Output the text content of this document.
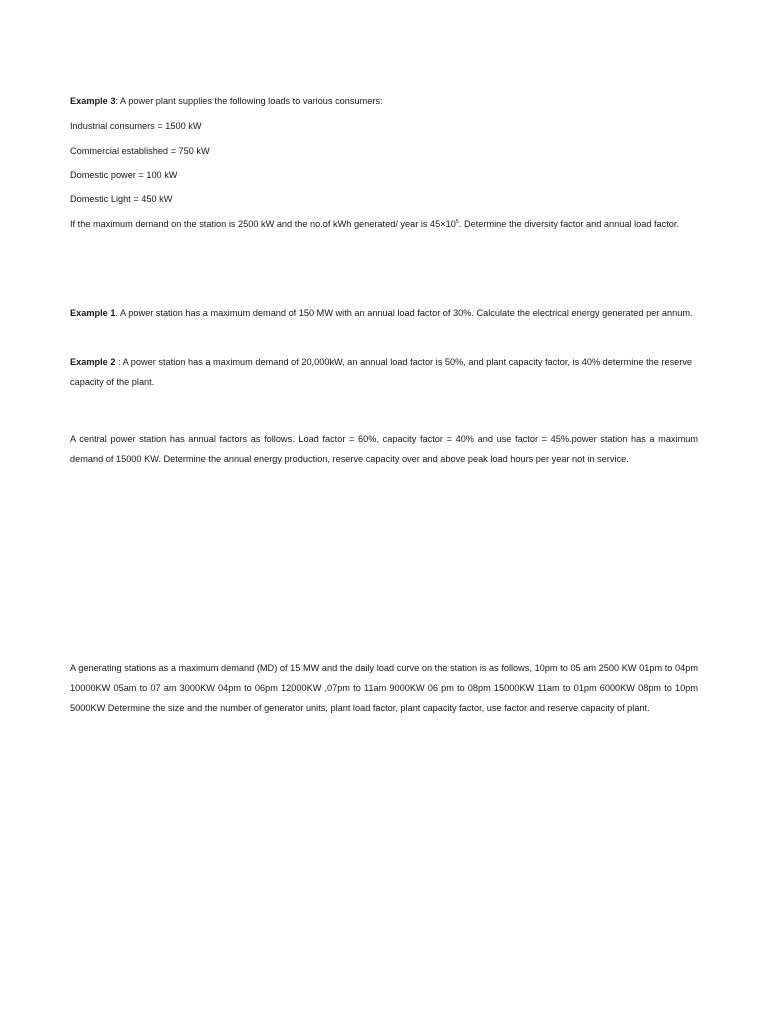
Example 3: A power plant supplies the following loads to various consumers:

Industrial consumers = 1500 kW

Commercial established = 750 kW

Domestic power = 100 kW

Domestic Light = 450 kW

If the maximum demand on the station is 2500 kW and the no.of kWh generated/ year is $45\times 10^5$. Determine the diversity factor and annual load factor.

Example 1. A power station has a maximum demand of 150 MW with an annual load factor of 30%. Calculate the electrical energy generated per annum.

Example 2 : A power station has a maximum demand of 20,000kW, an annual load factor is 50%, and plant capacity factor, is 40% determine the reserve capacity of the plant.

A central power station has annual factors as follows. Load factor = 60%, capacity factor = 40% and use factor = 45%.power station has a maximum demand of 15000 KW. Determine the annual energy production, reserve capacity over and above peak load hours per year not in service.

A generating stations as a maximum demand (MD) of 15 MW and the daily load curve on the station is as follows, 10pm to 05 am 2500 KW 01pm to 04pm 10000KW 05am to 07 am 3000KW 04pm to 06pm 12000KW ,07pm to 11am 9000KW 06 pm to 08pm 15000KW 11am to 01pm 6000KW 08pm to 10pm 5000KW Determine the size and the number of generator units, plant load factor, plant capacity factor, use factor and reserve capacity of plant.
